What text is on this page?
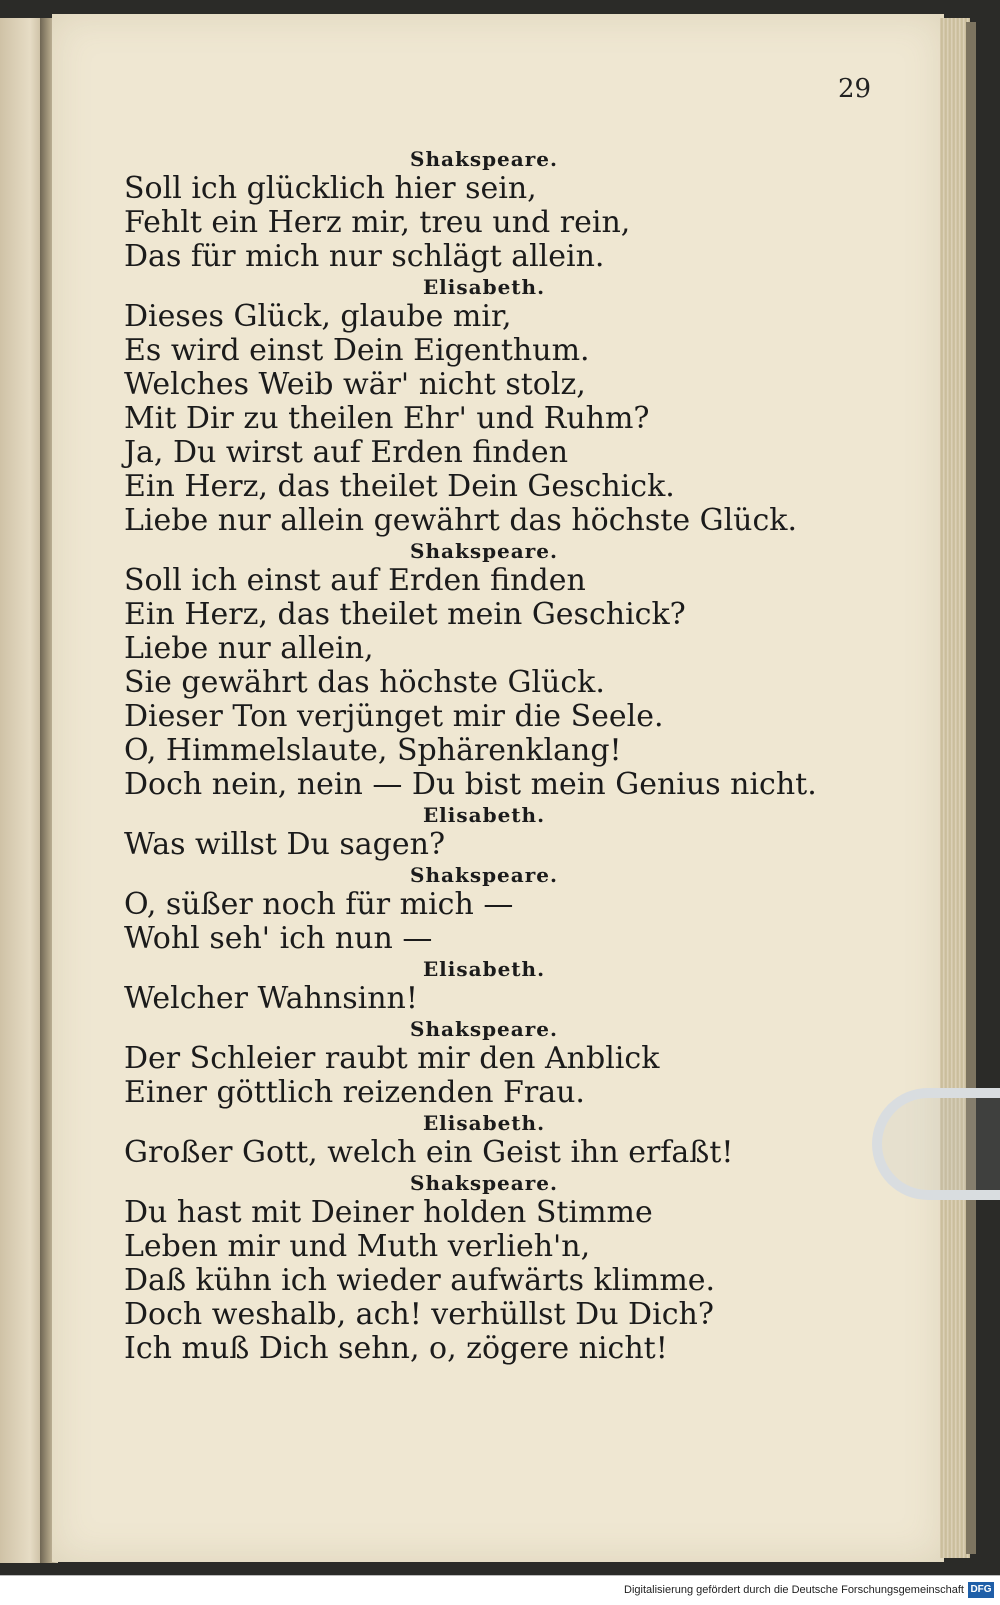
29
Shakspeare.
Soll ich glücklich hier sein,
Fehlt ein Herz mir, treu und rein,
Das für mich nur schlägt allein.
Elisabeth.
Dieses Glück, glaube mir,
Es wird einst Dein Eigenthum.
Welches Weib wär' nicht stolz,
Mit Dir zu theilen Ehr' und Ruhm?
Ja, Du wirst auf Erden finden
Ein Herz, das theilet Dein Geschick.
Liebe nur allein gewährt das höchste Glück.
Shakspeare.
Soll ich einst auf Erden finden
Ein Herz, das theilet mein Geschick?
Liebe nur allein,
Sie gewährt das höchste Glück.
Dieser Ton verjünget mir die Seele.
O, Himmelslaute, Sphärenklang!
Doch nein, nein — Du bist mein Genius nicht.
Elisabeth.
Was willst Du sagen?
Shakspeare.
O, süßer noch für mich —
Wohl seh' ich nun —
Elisabeth.
Welcher Wahnsinn!
Shakspeare.
Der Schleier raubt mir den Anblick
Einer göttlich reizenden Frau.
Elisabeth.
Großer Gott, welch ein Geist ihn erfaßt!
Shakspeare.
Du hast mit Deiner holden Stimme
Leben mir und Muth verlieh'n,
Daß kühn ich wieder aufwärts klimme.
Doch weshalb, ach! verhüllst Du Dich?
Ich muß Dich sehn, o, zögere nicht!
Digitalisierung gefördert durch die Deutsche Forschungsgemeinschaft DFG
